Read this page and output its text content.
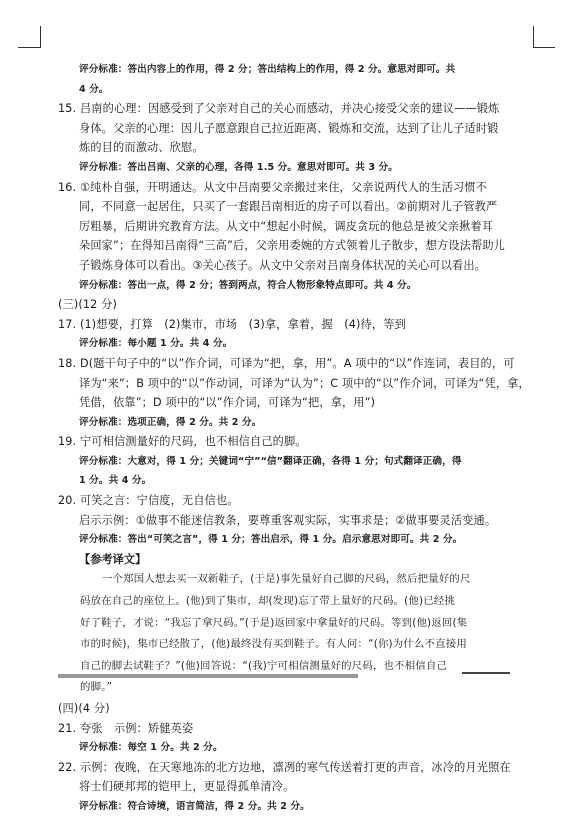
评分标准：答出内容上的作用，得 2 分；答出结构上的作用，得 2 分。意思对即可。共
4 分。
15. 吕南的心理：因感受到了父亲对自己的关心而感动，并决心接受父亲的建议——锻炼
身体。父亲的心理：因儿子愿意跟自己拉近距离、锻炼和交流，达到了让儿子适时锻
炼的目的而激动、欣慰。
评分标准：答出吕南、父亲的心理，各得 1.5 分。意思对即可。共 3 分。
16. ①纯朴自强，开明通达。从文中吕南要父亲搬过来住，父亲说两代人的生活习惯不
同，不同意一起居住，只买了一套跟吕南相近的房子可以看出。②前期对儿子管教严
厉粗暴，后期讲究教育方法。从文中“想起小时候，调皮贪玩的他总是被父亲揪着耳
朵回家”；在得知吕南得“三高”后，父亲用委婉的方式领着儿子散步，想方设法帮助儿
子锻炼身体可以看出。③关心孩子。从文中父亲对吕南身体状况的关心可以看出。
评分标准：答出一点，得 2 分；答到两点，符合人物形象特点即可。共 4 分。
(三)(12 分)
17. (1)想要，打算　(2)集市，市场　(3)拿，拿着，握　(4)待，等到
评分标准：每小题 1 分。共 4 分。
18. D(题干句子中的“以”作介词，可译为“把，拿，用”。A 项中的“以”作连词，表目的，可
译为“来”；B 项中的“以”作动词，可译为“认为”；C 项中的“以”作介词，可译为“凭，拿，
凭借，依靠”；D 项中的“以”作介词，可译为“把，拿，用”)
评分标准：选项正确，得 2 分。共 2 分。
19. 宁可相信测量好的尺码，也不相信自己的脚。
评分标准：大意对，得 1 分；关键词“宁”“信”翻译正确，各得 1 分；句式翻译正确，得
1 分。共 4 分。
20. 可笑之言：宁信度，无自信也。
启示示例：①做事不能迷信教条，要尊重客观实际，实事求是；②做事要灵活变通。
评分标准：答出“可笑之言”，得 1 分；答出启示，得 1 分。启示意思对即可。共 2 分。
【参考译文】
一个郑国人想去买一双新鞋子，(于是)事先量好自己脚的尺码，然后把量好的尺
码放在自己的座位上。(他)到了集市，却(发现)忘了带上量好的尺码。(他)已经挑
好了鞋子，才说：“我忘了拿尺码。”(于是)返回家中拿量好的尺码。等到(他)返回(集
市的时候)，集市已经散了，(他)最终没有买到鞋子。有人问：“(你)为什么不直接用
自己的脚去试鞋子？”(他)回答说：“(我)宁可相信测量好的尺码，也不相信自己
的脚。”
(四)(4 分)
21. 夸张　示例：矫健英姿
评分标准：每空 1 分。共 2 分。
22. 示例：夜晚，在天寒地冻的北方边地，凛冽的寒气传送着打更的声音，冰冷的月光照在
将士们硬邦邦的铠甲上，更显得孤单清冷。
评分标准：符合诗境，语言简洁，得 2 分。共 2 分。
